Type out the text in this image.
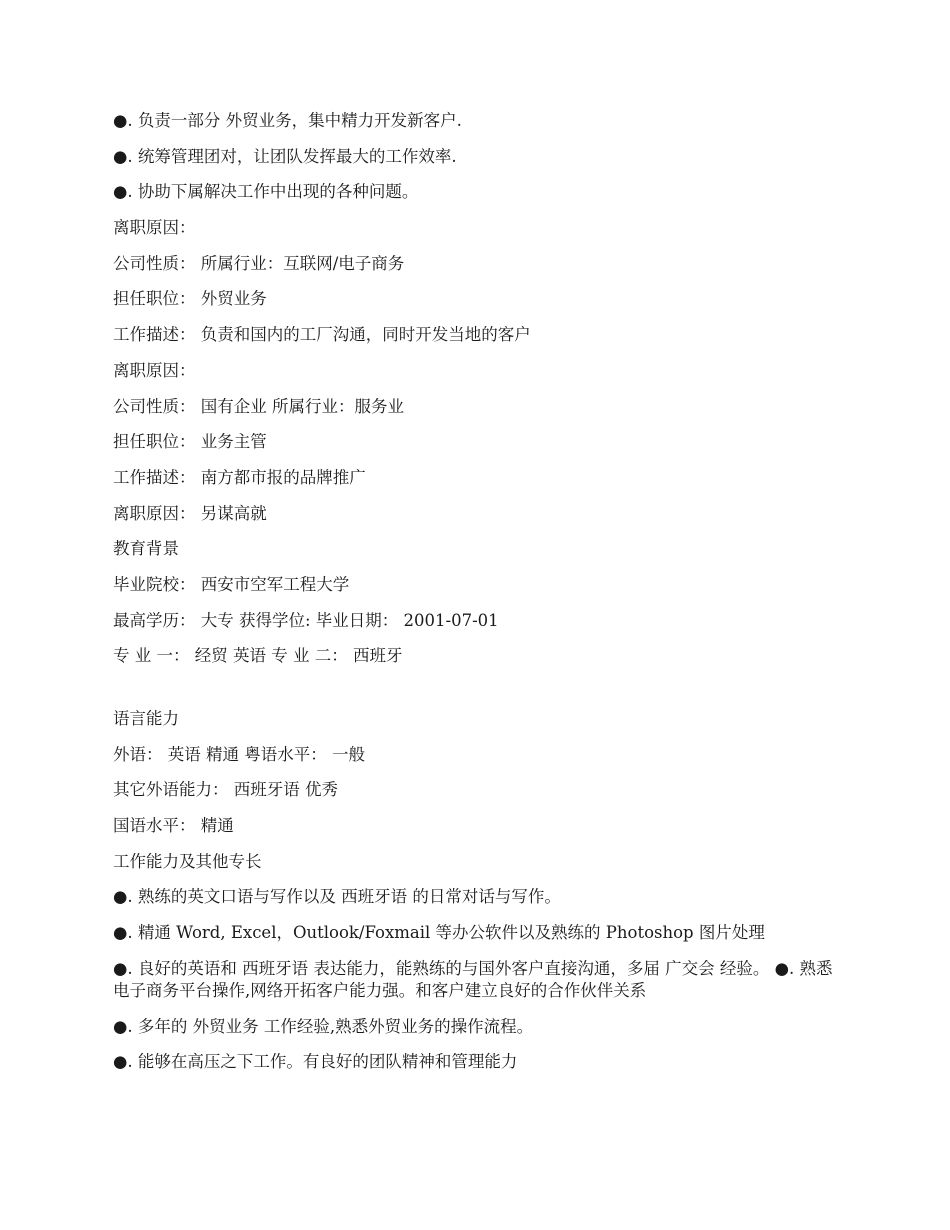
●. 负责一部分 外贸业务，集中精力开发新客户.
●. 统筹管理团对，让团队发挥最大的工作效率.
●. 协助下属解决工作中出现的各种问题。
离职原因：
公司性质： 所属行业：互联网/电子商务
担任职位： 外贸业务
工作描述： 负责和国内的工厂沟通，同时开发当地的客户
离职原因：
公司性质： 国有企业 所属行业：服务业
担任职位： 业务主管
工作描述： 南方都市报的品牌推广
离职原因： 另谋高就
教育背景
毕业院校： 西安市空军工程大学
最高学历： 大专 获得学位: 毕业日期： 2001-07-01
专 业 一： 经贸 英语 专 业 二： 西班牙
语言能力
外语： 英语 精通 粤语水平： 一般
其它外语能力： 西班牙语 优秀
国语水平： 精通
工作能力及其他专长
●. 熟练的英文口语与写作以及 西班牙语 的日常对话与写作。
●. 精通 Word, Excel，Outlook/Foxmail 等办公软件以及熟练的 Photoshop 图片处理
●. 良好的英语和 西班牙语 表达能力，能熟练的与国外客户直接沟通，多届 广交会 经验。 ●. 熟悉电子商务平台操作,网络开拓客户能力强。和客户建立良好的合作伙伴关系
●. 多年的 外贸业务 工作经验,熟悉外贸业务的操作流程。
●. 能够在高压之下工作。有良好的团队精神和管理能力
